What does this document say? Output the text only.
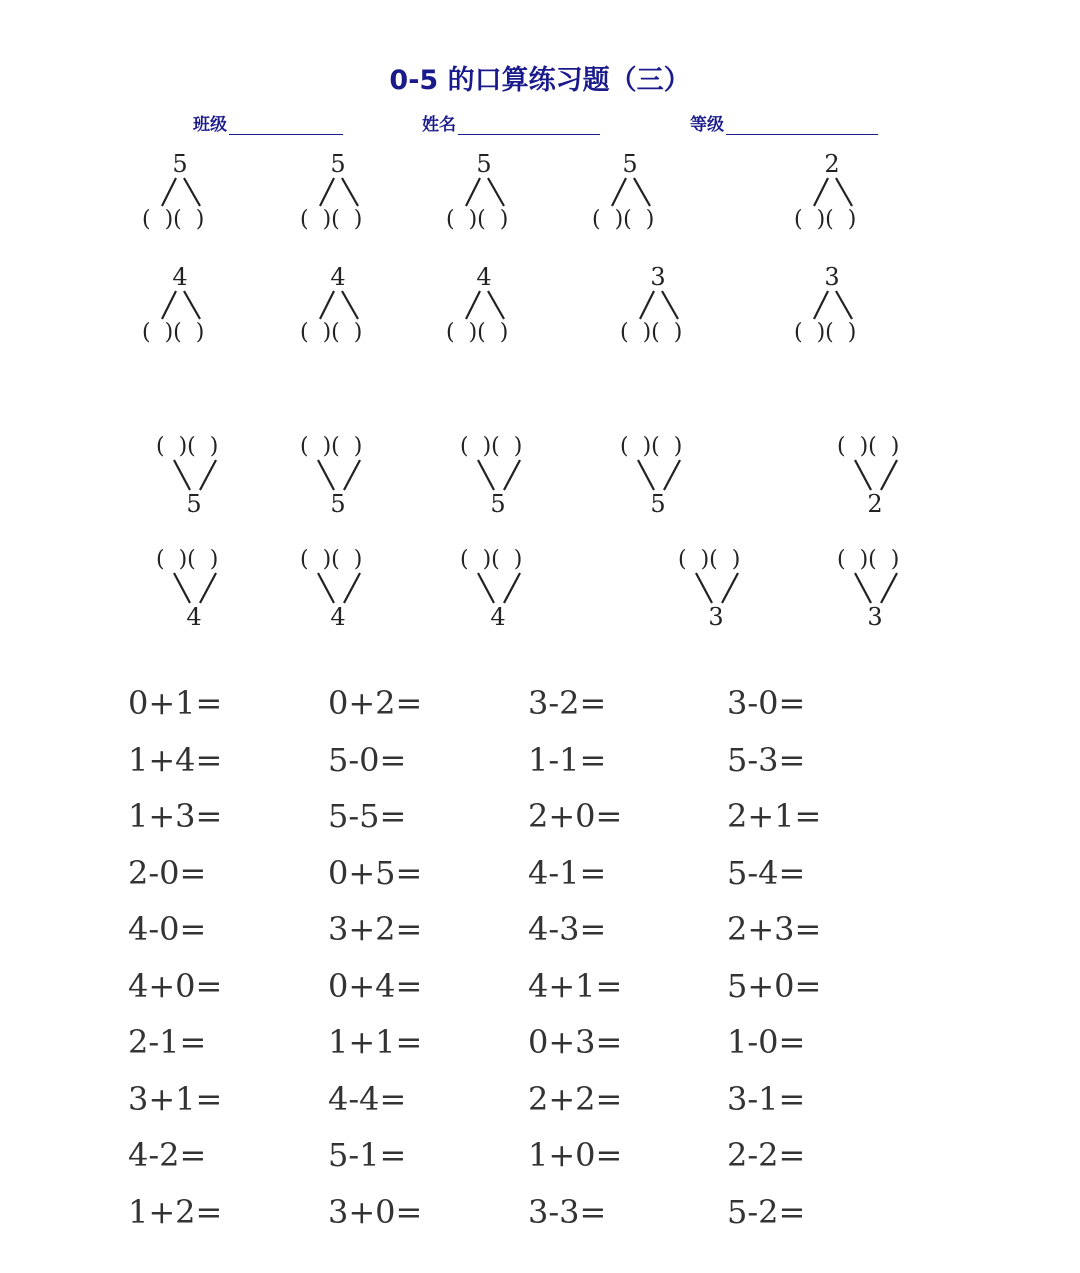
0-5 的口算练习题（三）
班级	姓名	等级
5
(  )(  )
5
(  )(  )
5
(  )(  )
5
(  )(  )
2
(  )(  )
4
(  )(  )
4
(  )(  )
4
(  )(  )
3
(  )(  )
3
(  )(  )
5
(  )(  )
5
(  )(  )
5
(  )(  )
5
(  )(  )
2
(  )(  )
4
(  )(  )
4
(  )(  )
4
(  )(  )
3
(  )(  )
3
(  )(  )
0+1=	0+2=	3-2=	3-0=
1+4=	5-0=	1-1=	5-3=
1+3=	5-5=	2+0=	2+1=
2-0=	0+5=	4-1=	5-4=
4-0=	3+2=	4-3=	2+3=
4+0=	0+4=	4+1=	5+0=
2-1=	1+1=	0+3=	1-0=
3+1=	4-4=	2+2=	3-1=
4-2=	5-1=	1+0=	2-2=
1+2=	3+0=	3-3=	5-2=
